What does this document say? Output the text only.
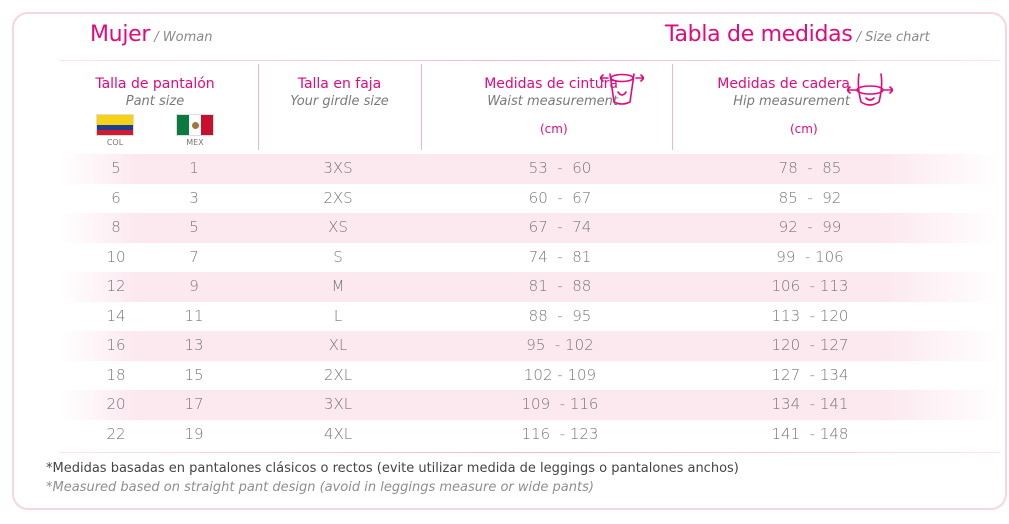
Mujer / Woman	Tabla de medidas / Size chart
Talla de pantalón
Pant size
Talla en faja
Your girdle size
Medidas de cintura
Waist measurement
Medidas de cadera
Hip measurement
(cm)	(cm)
COL	MEX
5	1	3XS	53  -  60	78  -  85
6	3	2XS	60  -  67	85  -  92
8	5	XS	67  -  74	92  -  99
10	7	S	74  -  81	99  - 106
12	9	M	81  -  88	106  - 113
14	11	L	88  -  95	113  - 120
16	13	XL	95  - 102	120  - 127
18	15	2XL	102 - 109	127  - 134
20	17	3XL	109  - 116	134  - 141
22	19	4XL	116  - 123	141  - 148
*Medidas basadas en pantalones clásicos o rectos (evite utilizar medida de leggings o pantalones anchos)
*Measured based on straight pant design (avoid in leggings measure or wide pants)
